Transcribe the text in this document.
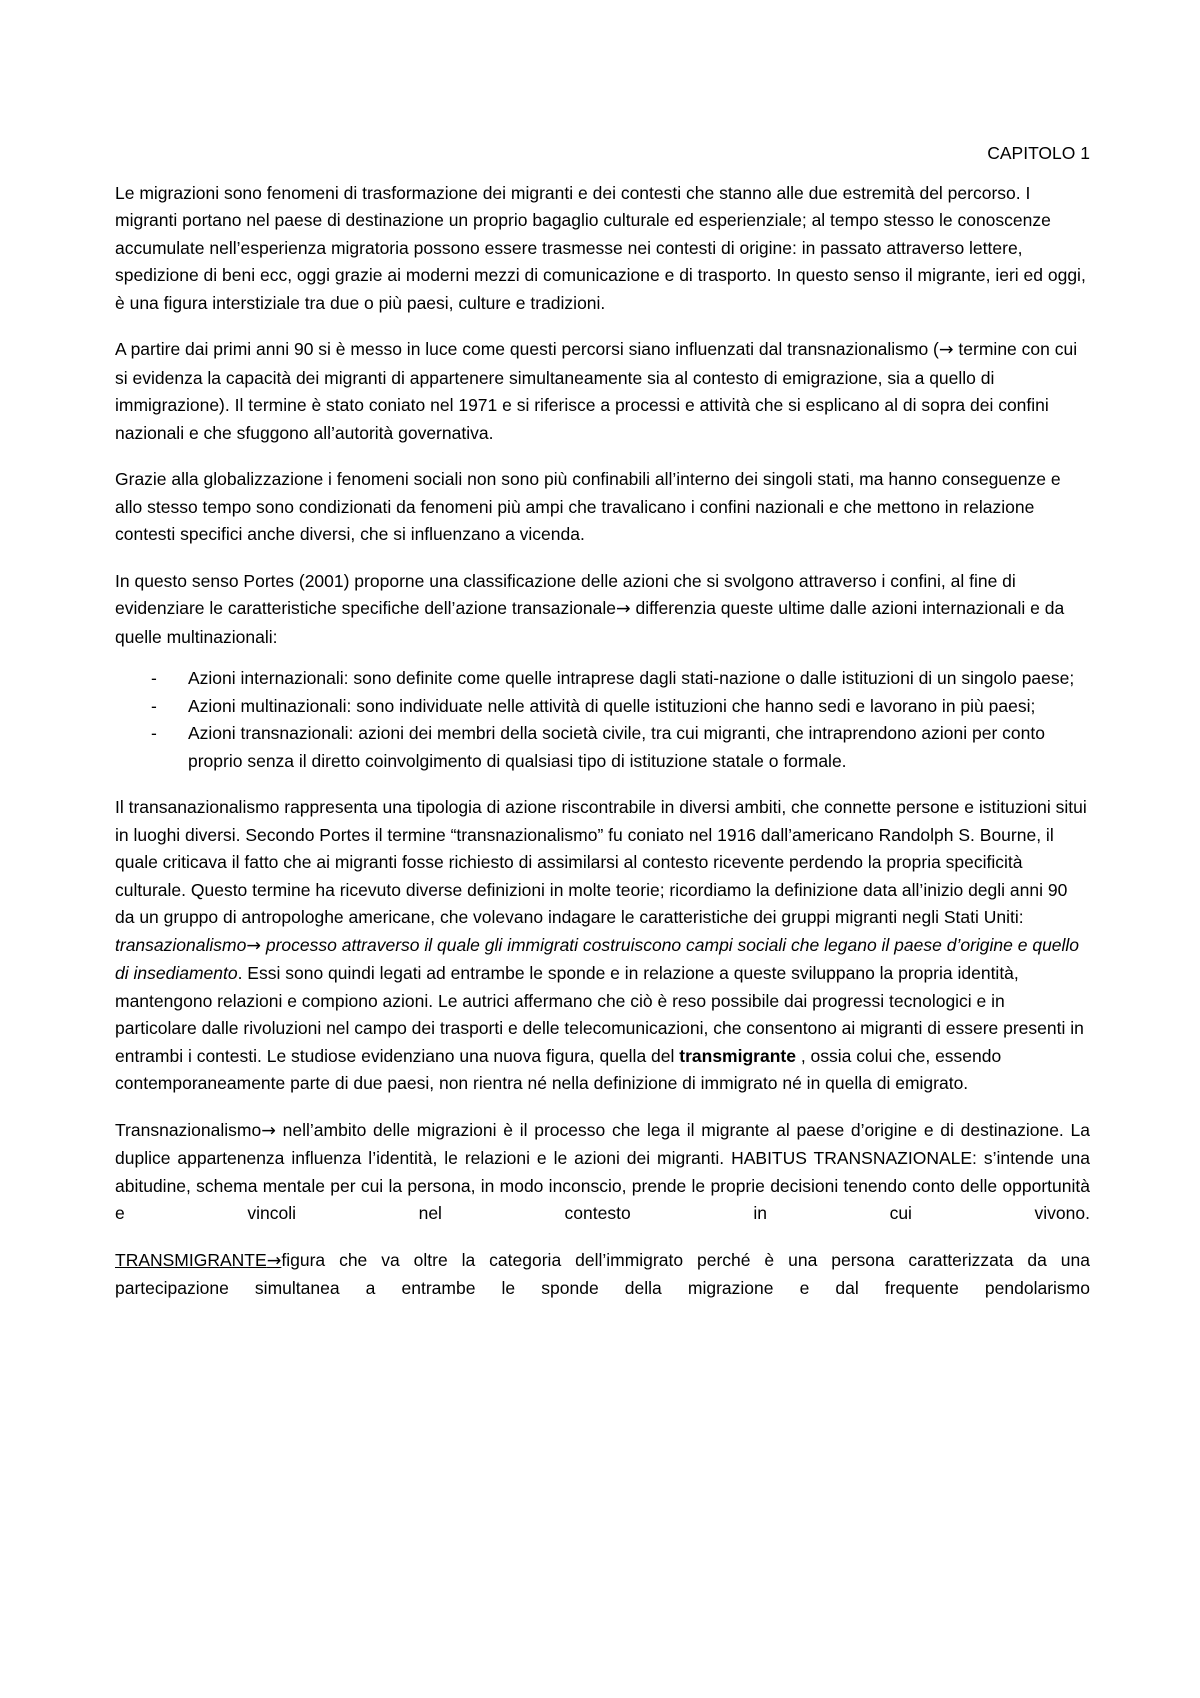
CAPITOLO 1
Le migrazioni sono fenomeni di trasformazione dei migranti e dei contesti che stanno alle due estremità del percorso. I migranti portano nel paese di destinazione un proprio bagaglio culturale ed esperienziale; al tempo stesso le conoscenze accumulate nell’esperienza migratoria possono essere trasmesse nei contesti di origine: in passato attraverso lettere, spedizione di beni ecc, oggi grazie ai moderni mezzi di comunicazione e di trasporto. In questo senso il migrante, ieri ed oggi, è una figura interstiziale tra due o più paesi, culture e tradizioni.
A partire dai primi anni 90 si è messo in luce come questi percorsi siano influenzati dal transnazionalismo (→ termine con cui si evidenza la capacità dei migranti di appartenere simultaneamente sia al contesto di emigrazione, sia a quello di immigrazione). Il termine è stato coniato nel 1971 e si riferisce a processi e attività che si esplicano al di sopra dei confini nazionali e che sfuggono all’autorità governativa.
Grazie alla globalizzazione i fenomeni sociali non sono più confinabili all’interno dei singoli stati, ma hanno conseguenze e allo stesso tempo sono condizionati da fenomeni più ampi che travalicano i confini nazionali e che mettono in relazione contesti specifici anche diversi, che si influenzano a vicenda.
In questo senso Portes (2001) proporne una classificazione delle azioni che si svolgono attraverso i confini, al fine di evidenziare le caratteristiche specifiche dell’azione transazionale→ differenzia queste ultime dalle azioni internazionali e da quelle multinazionali:
- Azioni internazionali: sono definite come quelle intraprese dagli stati-nazione o dalle istituzioni di un singolo paese;
- Azioni multinazionali: sono individuate nelle attività di quelle istituzioni che hanno sedi e lavorano in più paesi;
- Azioni transnazionali: azioni dei membri della società civile, tra cui migranti, che intraprendono azioni per conto proprio senza il diretto coinvolgimento di qualsiasi tipo di istituzione statale o formale.
Il transanazionalismo rappresenta una tipologia di azione riscontrabile in diversi ambiti, che connette persone e istituzioni situi in luoghi diversi. Secondo Portes il termine “transnazionalismo” fu coniato nel 1916 dall’americano Randolph S. Bourne, il quale criticava il fatto che ai migranti fosse richiesto di assimilarsi al contesto ricevente perdendo la propria specificità culturale. Questo termine ha ricevuto diverse definizioni in molte teorie; ricordiamo la definizione data all’inizio degli anni 90 da un gruppo di antropologhe americane, che volevano indagare le caratteristiche dei gruppi migranti negli Stati Uniti: transazionalismo→ processo attraverso il quale gli immigrati costruiscono campi sociali che legano il paese d’origine e quello di insediamento. Essi sono quindi legati ad entrambe le sponde e in relazione a queste sviluppano la propria identità, mantengono relazioni e compiono azioni. Le autrici affermano che ciò è reso possibile dai progressi tecnologici e in particolare dalle rivoluzioni nel campo dei trasporti e delle telecomunicazioni, che consentono ai migranti di essere presenti in entrambi i contesti. Le studiose evidenziano una nuova figura, quella del transmigrante , ossia colui che, essendo contemporaneamente parte di due paesi, non rientra né nella definizione di immigrato né in quella di emigrato.
Transnazionalismo→ nell’ambito delle migrazioni è il processo che lega il migrante al paese d’origine e di destinazione. La duplice appartenenza influenza l’identità, le relazioni e le azioni dei migranti. HABITUS TRANSNAZIONALE: s’intende una abitudine, schema mentale per cui la persona, in modo inconscio, prende le proprie decisioni tenendo conto delle opportunità e vincoli nel contesto in cui vivono.
TRANSMIGRANTE→figura che va oltre la categoria dell’immigrato perché è una persona caratterizzata da una partecipazione simultanea a entrambe le sponde della migrazione e dal frequente pendolarismo
